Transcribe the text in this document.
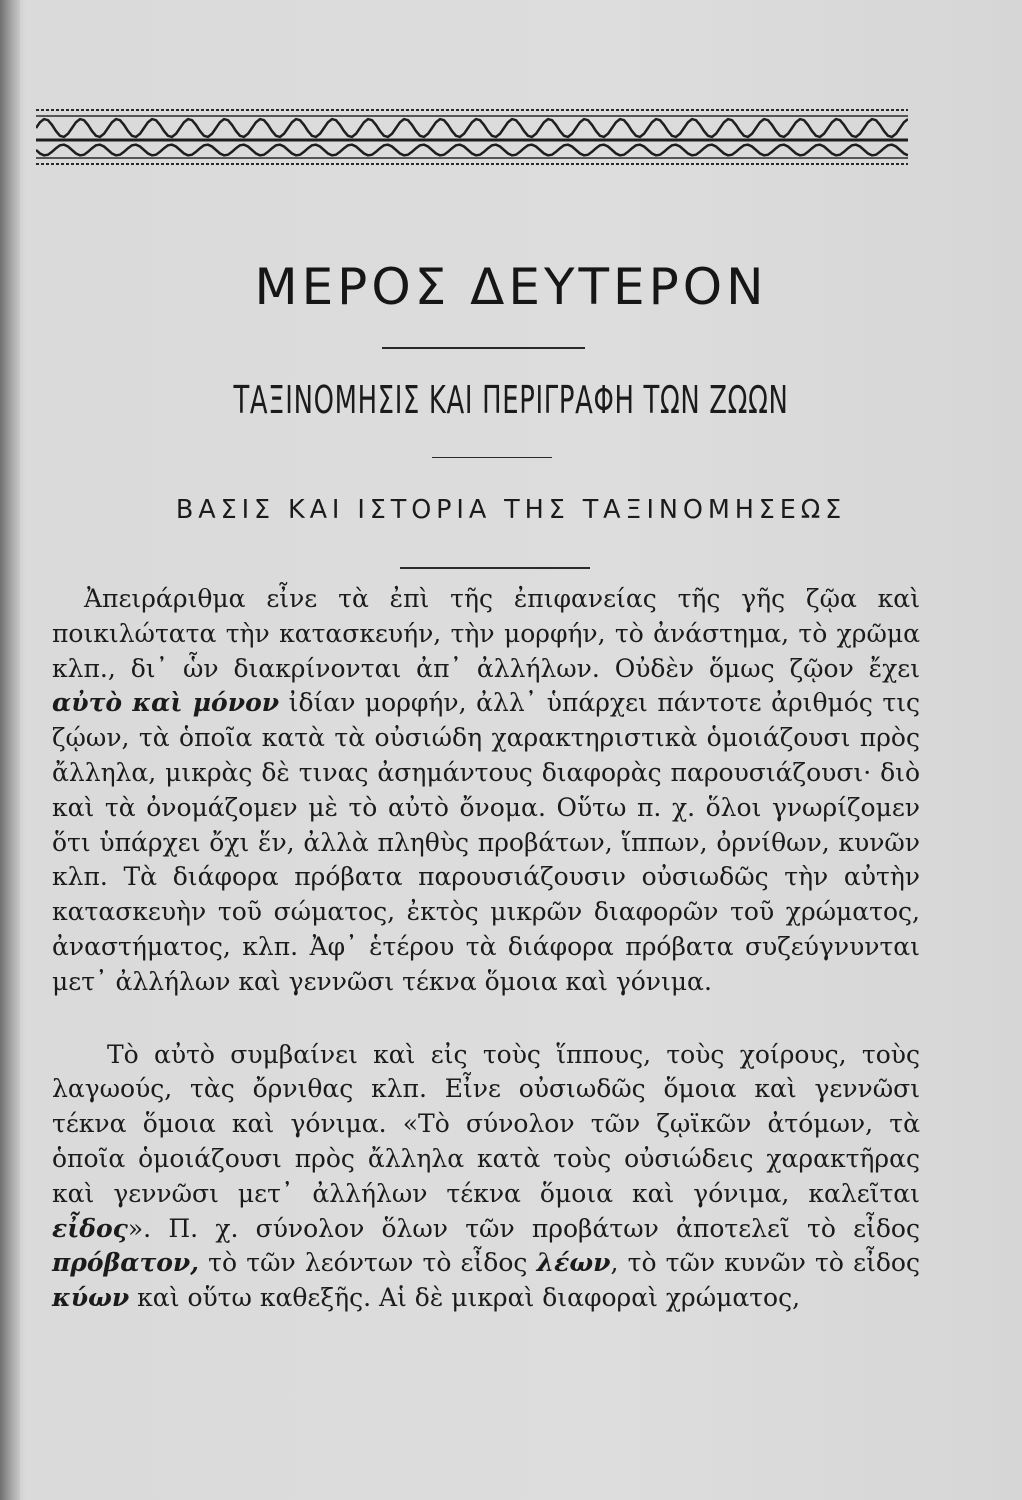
ΜΕΡΟΣ ΔΕΥΤΕΡΟΝ
ΤΑΞΙΝΟΜΗΣΙΣ ΚΑΙ ΠΕΡΙΓΡΑΦΗ ΤΩΝ ΖΩΩΝ
ΒΑΣΙΣ ΚΑΙ ΙΣΤΟΡΙΑ ΤΗΣ ΤΑΞΙΝΟΜΗΣΕΩΣ

Ἀπειράριθμα εἶνε τὰ ἐπὶ τῆς ἐπιφανείας τῆς γῆς ζῷα καὶ ποικιλώτατα τὴν κατασκευήν, τὴν μορφήν, τὸ ἀνάστημα, τὸ χρῶμα κλπ., δι᾽ ὧν διακρίνονται ἀπ᾽ ἀλλήλων. Οὐδὲν ὅμως ζῷον ἔχει αὐτὸ καὶ μόνον ἰδίαν μορφήν, ἀλλ᾽ ὑπάρχει πάντοτε ἀριθμός τις ζῴων, τὰ ὁποῖα κατὰ τὰ οὐσιώδη χαρακτηριστικὰ ὁμοιάζουσι πρὸς ἄλληλα, μικρὰς δὲ τινας ἀσημάντους διαφορὰς παρουσιάζουσι· διὸ καὶ τὰ ὀνομάζομεν μὲ τὸ αὐτὸ ὄνομα. Οὕτω π. χ. ὅλοι γνωρίζομεν ὅτι ὑπάρχει ὄχι ἕν, ἀλλὰ πληθὺς προβάτων, ἵππων, ὀρνίθων, κυνῶν κλπ. Τὰ διάφορα πρόβατα παρουσιάζουσιν οὐσιωδῶς τὴν αὐτὴν κατασκευὴν τοῦ σώματος, ἐκτὸς μικρῶν διαφορῶν τοῦ χρώματος, ἀναστήματος, κλπ. Ἀφ᾽ ἑτέρου τὰ διάφορα πρόβατα συζεύγνυνται μετ᾽ ἀλλήλων καὶ γεννῶσι τέκνα ὅμοια καὶ γόνιμα.

Τὸ αὐτὸ συμβαίνει καὶ εἰς τοὺς ἵππους, τοὺς χοίρους, τοὺς λαγωούς, τὰς ὄρνιθας κλπ. Εἶνε οὐσιωδῶς ὅμοια καὶ γεννῶσι τέκνα ὅμοια καὶ γόνιμα. «Τὸ σύνολον τῶν ζῳϊκῶν ἀτόμων, τὰ ὁποῖα ὁμοιάζουσι πρὸς ἄλληλα κατὰ τοὺς οὐσιώδεις χαρακτῆρας καὶ γεννῶσι μετ᾽ ἀλλήλων τέκνα ὅμοια καὶ γόνιμα, καλεῖται εἶδος». Π. χ. σύνολον ὅλων τῶν προβάτων ἀποτελεῖ τὸ εἶδος πρόβατον, τὸ τῶν λεόντων τὸ εἶδος λέων, τὸ τῶν κυνῶν τὸ εἶδος κύων καὶ οὕτω καθεξῆς. Αἱ δὲ μικραὶ διαφοραὶ χρώματος,
